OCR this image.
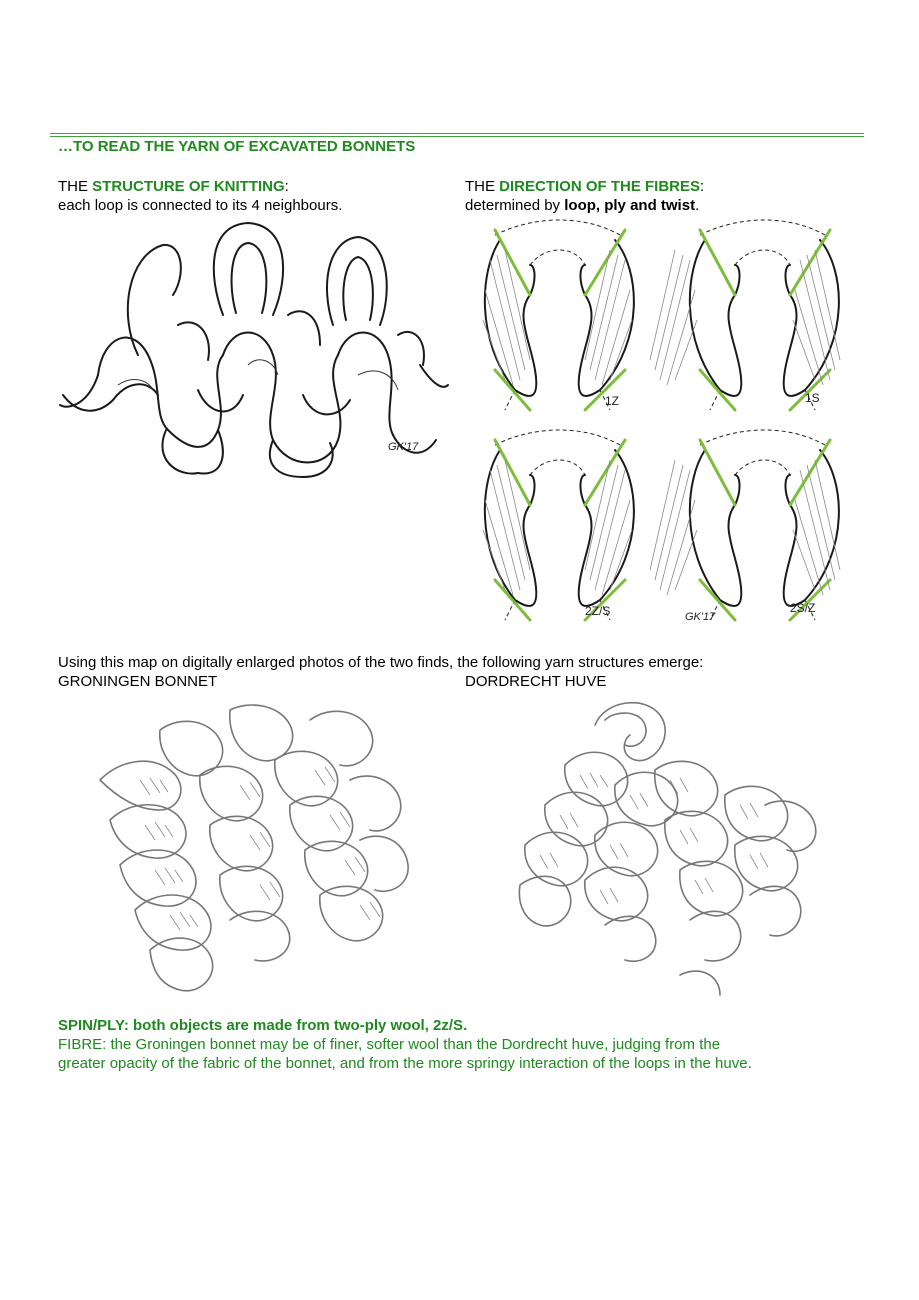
…TO READ THE YARN OF EXCAVATED BONNETS
THE STRUCTURE OF KNITTING:
each loop is connected to its 4 neighbours.
THE DIRECTION OF THE FIBRES:
determined by loop, ply and twist.
GK'17
1Z	1S
2Z/S	2S/Z
GK'17
Using this map on digitally enlarged photos of the two finds, the following yarn structures emerge:
GRONINGEN BONNET	DORDRECHT HUVE
SPIN/PLY: both objects are made from two-ply wool, 2z/S.
FIBRE: the Groningen bonnet may be of finer, softer wool than the Dordrecht huve, judging from the
greater opacity of the fabric of the bonnet, and from the more springy interaction of the loops in the huve.
